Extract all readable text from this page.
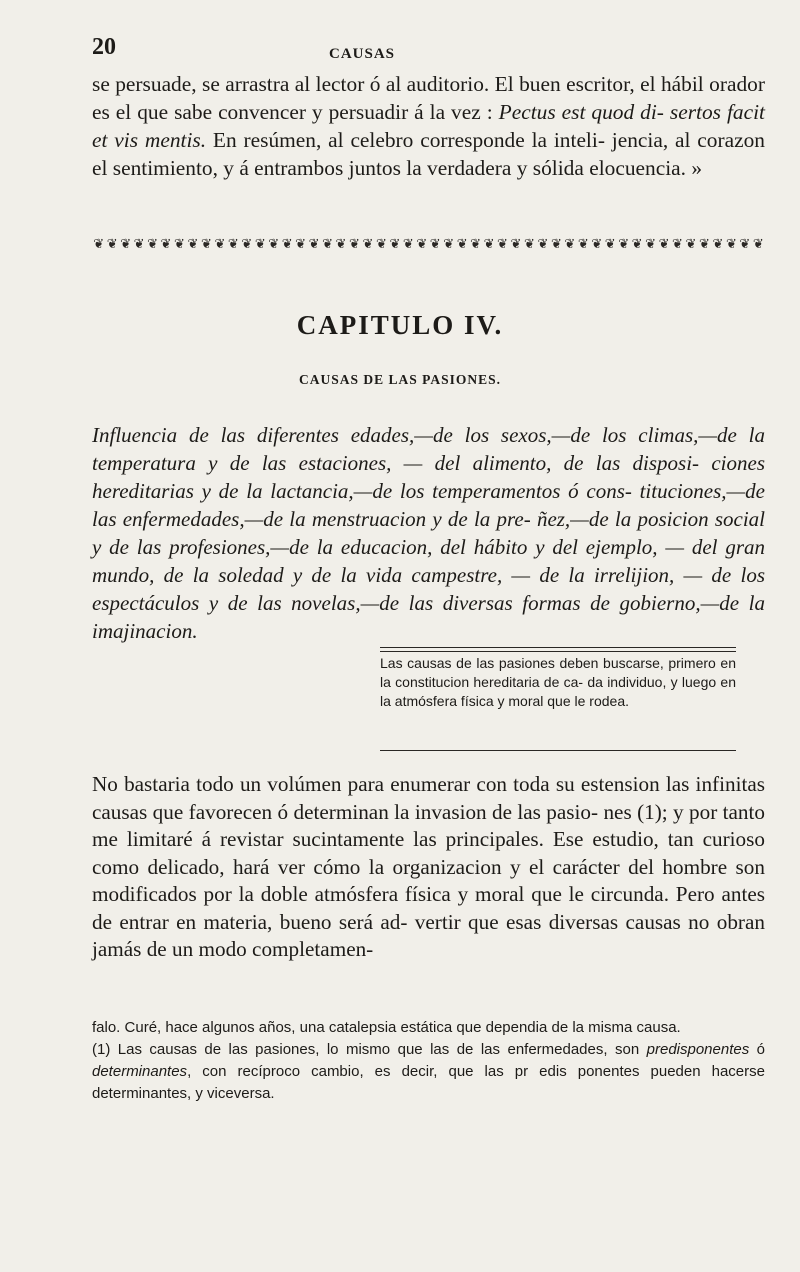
20	CAUSAS

se persuade, se arrastra al lector ó al auditorio. El buen escritor, el hábil orador es el que sabe convencer y persuadir á la vez : Pectus est quod di- sertos facit et vis mentis. En resúmen, al celebro corresponde la inteli- jencia, al corazon el sentimiento, y á entrambos juntos la verdadera y sólida elocuencia. »

❦ ❦ ❦ ❦ ❦ ❦ ❦ ❦ ❦ ❦ ❦ ❦ ❦ ❦ ❦ ❦ ❦ ❦ ❦ ❦ ❦ ❦ ❦ ❦ ❦ ❦ ❦ ❦ ❦ ❦ ❦ ❦ ❦ ❦ ❦ ❦ ❦ ❦ ❦ ❦ ❦ ❦ ❦ ❦ ❦ ❦ ❦ ❦ ❦ ❦
CAPITULO IV.
CAUSAS DE LAS PASIONES.

Influencia de las diferentes edades,—de los sexos,—de los climas,—de la temperatura y de las estaciones, — del alimento, de las disposi- ciones hereditarias y de la lactancia,—de los temperamentos ó cons- tituciones,—de las enfermedades,—de la menstruacion y de la pre- ñez,—de la posicion social y de las profesiones,—de la educacion, del hábito y del ejemplo, — del gran mundo, de la soledad y de la vida campestre, — de la irrelijion, — de los espectáculos y de las novelas,—de las diversas formas de gobierno,—de la imajinacion.

Las causas de las pasiones deben buscarse, primero en la constitucion hereditaria de ca- da individuo, y luego en la atmósfera física y moral que le rodea.

No bastaria todo un volúmen para enumerar con toda su estension las infinitas causas que favorecen ó determinan la invasion de las pasio- nes (1); y por tanto me limitaré á revistar sucintamente las principales. Ese estudio, tan curioso como delicado, hará ver cómo la organizacion y el carácter del hombre son modificados por la doble atmósfera física y moral que le circunda. Pero antes de entrar en materia, bueno será ad- vertir que esas diversas causas no obran jamás de un modo completamen-

falo. Curé, hace algunos años, una catalepsia estática que dependia de la misma causa.

(1) Las causas de las pasiones, lo mismo que las de las enfermedades, son predisponentes ó determinantes, con recíproco cambio, es decir, que las pr edis ponentes pueden hacerse determinantes, y viceversa.
